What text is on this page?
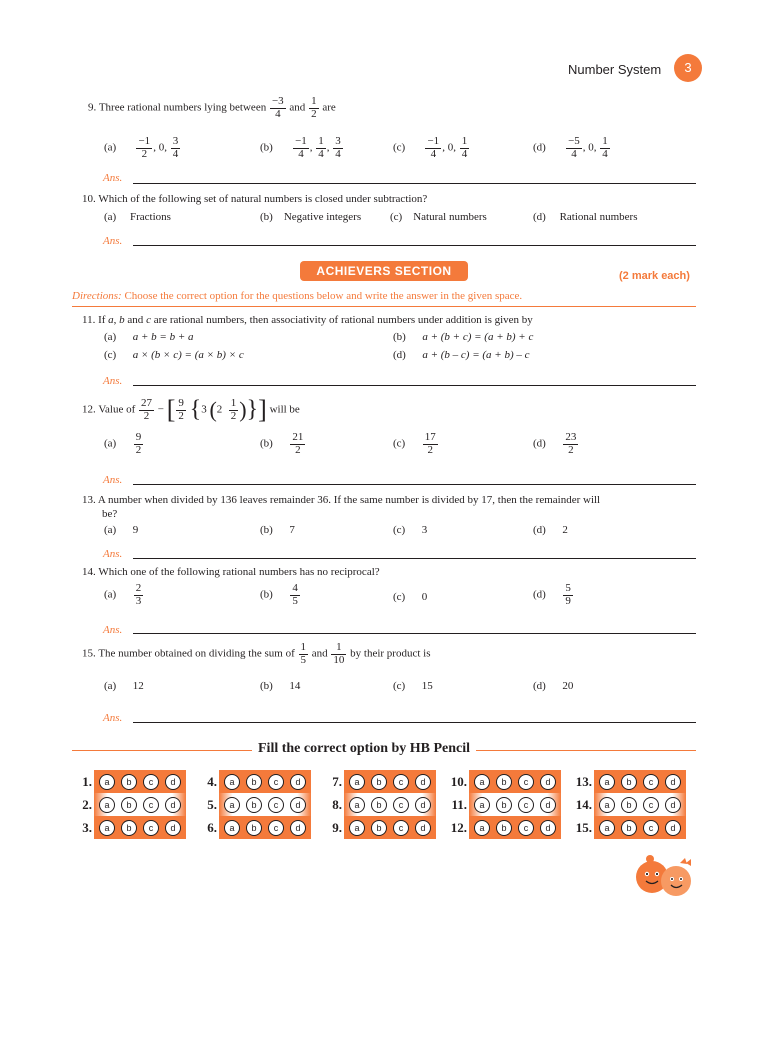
Number System	3
9. Three rational numbers lying between $\frac{-3}{4}$ and $\frac{1}{2}$ are
$(a) \frac{-1}{2}$ , 0, $\frac{3}{4}$	$(b) \frac{-1}{4}$ , $\frac{1}{4}$ , $\frac{3}{4}$	$(c) \frac{-1}{4}$ , 0, $\frac{1}{4}$	$(d) \frac{-5}{4}$ , 0, $\frac{1}{4}$
Ans.
10. Which of the following set of natural numbers is closed under subtraction?
(a) Fractions	(b) Negative integers	(c) Natural numbers	(d) Rational numbers
Ans.
ACHIEVERS SECTION	(2 mark each)
Directions: Choose the correct option for the questions below and write the answer in the given space.
11. If a, b and c are rational numbers, then associativity of rational numbers under addition is given by
(a) a + b = b + a	(b) a + (b + c) = (a + b) + c
(c) a × (b × c) = (a × b) × c	(d) a + (b – c) = (a + b) – c
Ans.
12. Value of $\frac{27}{2}$ − [ $\frac{9}{2} \{3$ ($2 \frac{1}{2}$ )}] will be
$(a) \frac{9}{2}$	$(b) \frac{21}{2}$	$(c) \frac{17}{2}$	$(d) \frac{23}{2}$
Ans.
13. A number when divided by 136 leaves remainder 36. If the same number is divided by 17, then the remainder will
be?
(a) 9	(b) 7	(c) 3	(d) 2
Ans.
14. Which one of the following rational numbers has no reciprocal?
$(a) \frac{2}{3}$	$(b) \frac{4}{5}$	(c) 0	$(d) \frac{5}{9}$
Ans.
15. The number obtained on dividing the sum of $\frac{1}{5}$ and $\frac{1}{10}$ by their product is
(a) 12	(b) 14	(c) 15	(d) 20
Ans.
Fill the correct option by HB Pencil
1.	a	b	c	d	4.	a	b	c	d	7.	a	b	c	d	10.	a	b	c	d	13.	a	b	c	d
2.	a	b	c	d	5.	a	b	c	d	8.	a	b	c	d	11.	a	b	c	d	14.	a	b	c	d
3.	a	b	c	d	6.	a	b	c	d	9.	a	b	c	d	12.	a	b	c	d	15.	a	b	c	d
